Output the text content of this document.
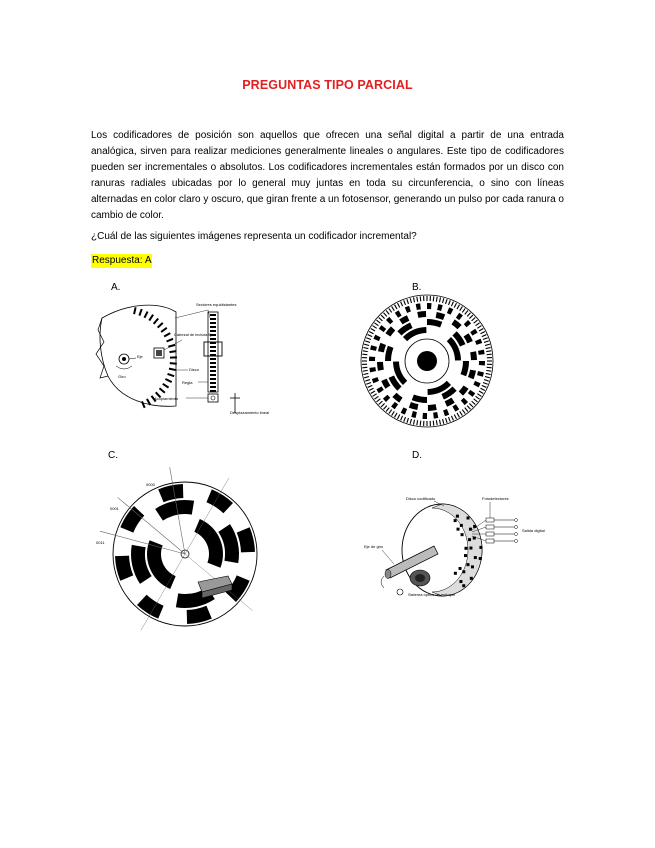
PREGUNTAS TIPO PARCIAL

Los codificadores de posición son aquellos que ofrecen una señal digital a partir de una entrada analógica, sirven para realizar mediciones generalmente lineales o angulares. Este tipo de codificadores pueden ser incrementales o absolutos. Los codificadores incrementales están formados por un disco con ranuras radiales ubicadas por lo general muy juntas en toda su circunferencia, o sino con líneas alternadas en color claro y oscuro, que giran frente a un fotosensor, generando un pulso por cada ranura o cambio de color.

¿Cuál de las siguientes imágenes representa un codificador incremental?

Respuesta: A
A.	B.
C.	D.
Eje
Giro
Sectores equidistantes
Cabezal de lectura fijo
Disco
Regla
Acoplamiento
Desplazamiento lineal
0000
0001
0011
Disco codificado	Fotodetectores
Salida digital
Eje de giro
Sistema óptico de enfoque
